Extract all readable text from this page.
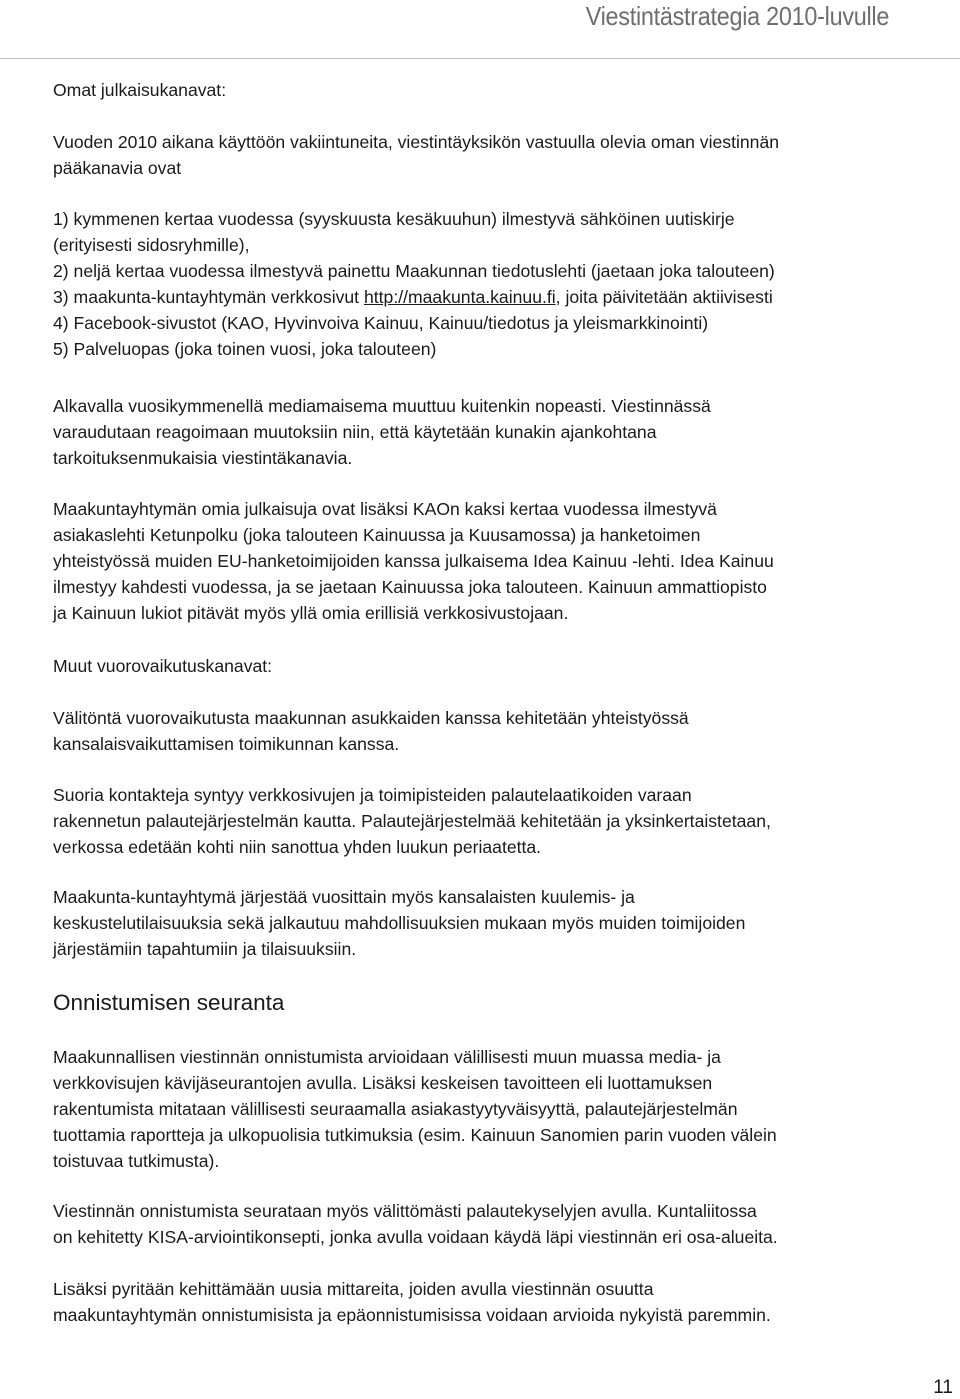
Viestintästrategia 2010-luvulle

Omat julkaisukanavat:

Vuoden 2010 aikana käyttöön vakiintuneita, viestintäyksikön vastuulla olevia oman viestinnän

pääkanavia ovat

1) kymmenen kertaa vuodessa (syyskuusta kesäkuuhun) ilmestyvä sähköinen uutiskirje

(erityisesti sidosryhmille),

2) neljä kertaa vuodessa ilmestyvä painettu Maakunnan tiedotuslehti (jaetaan joka talouteen)

3) maakunta-kuntayhtymän verkkosivut http://maakunta.kainuu.fi, joita päivitetään aktiivisesti

4) Facebook-sivustot (KAO, Hyvinvoiva Kainuu, Kainuu/tiedotus ja yleismarkkinointi)

5) Palveluopas (joka toinen vuosi, joka talouteen)

Alkavalla vuosikymmenellä mediamaisema muuttuu kuitenkin nopeasti. Viestinnässä

varaudutaan reagoimaan muutoksiin niin, että käytetään kunakin ajankohtana

tarkoituksenmukaisia viestintäkanavia.

Maakuntayhtymän omia julkaisuja ovat lisäksi KAOn kaksi kertaa vuodessa ilmestyvä

asiakaslehti Ketunpolku (joka talouteen Kainuussa ja Kuusamossa) ja hanketoimen

yhteistyössä muiden EU-hanketoimijoiden kanssa julkaisema Idea Kainuu -lehti. Idea Kainuu

ilmestyy kahdesti vuodessa, ja se jaetaan Kainuussa joka talouteen. Kainuun ammattiopisto

ja Kainuun lukiot pitävät myös yllä omia erillisiä verkkosivustojaan.

Muut vuorovaikutuskanavat:

Välitöntä vuorovaikutusta maakunnan asukkaiden kanssa kehitetään yhteistyössä

kansalaisvaikuttamisen toimikunnan kanssa.

Suoria kontakteja syntyy verkkosivujen ja toimipisteiden palautelaatikoiden varaan

rakennetun palautejärjestelmän kautta. Palautejärjestelmää kehitetään ja yksinkertaistetaan,

verkossa edetään kohti niin sanottua yhden luukun periaatetta.

Maakunta-kuntayhtymä järjestää vuosittain myös kansalaisten kuulemis- ja

keskustelutilaisuuksia sekä jalkautuu mahdollisuuksien mukaan myös muiden toimijoiden

järjestämiin tapahtumiin ja tilaisuuksiin.

Onnistumisen seuranta

Maakunnallisen viestinnän onnistumista arvioidaan välillisesti muun muassa media- ja

verkkovisujen kävijäseurantojen avulla. Lisäksi keskeisen tavoitteen eli luottamuksen

rakentumista mitataan välillisesti seuraamalla asiakastyytyväisyyttä, palautejärjestelmän

tuottamia raportteja ja ulkopuolisia tutkimuksia (esim. Kainuun Sanomien parin vuoden välein

toistuvaa tutkimusta).

Viestinnän onnistumista seurataan myös välittömästi palautekyselyjen avulla. Kuntaliitossa

on kehitetty KISA-arviointikonsepti, jonka avulla voidaan käydä läpi viestinnän eri osa-alueita.

Lisäksi pyritään kehittämään uusia mittareita, joiden avulla viestinnän osuutta

maakuntayhtymän onnistumisista ja epäonnistumisissa voidaan arvioida nykyistä paremmin.

11
